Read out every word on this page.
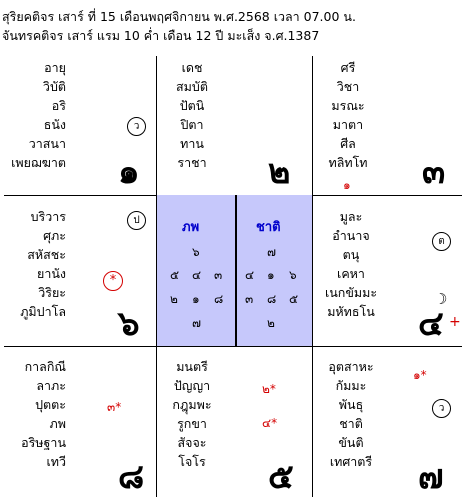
สุริยคติจร เสาร์ ที่ 15 เดือนพฤศจิกายน พ.ศ.2568 เวลา 07.00 น.
จันทรคติจร เสาร์ แรม 10 ค่ำ เดือน 12 ปี มะเส็ง จ.ศ.1387
ภพ	ชาติ
๖
๕ ๔ ๓
๒ ๑ ๘
๗
๗
๔ ๑ ๖
๓ ๘ ๕
๒
อายุ
วิบัติ
อริ
ธนัง
วาสนา
เพยฌฆาต
ว
๑
เดช
สมบัติ
ปัตนิ
ปิตา
ทาน
ราชา	๒
ศรี
วิชา
มรณะ
มาตา
ศีล
ทลิทโท
๑ ๓
บริวาร
ศุภะ
สหัสชะ
ยานัง
วิริยะ
ภูมิปาโล
ป
*
๖
มูละ
อำนาจ
ตนุ
เคหา
เนกขัมมะ
มหัทธโน
ต
☽
๔ +
กาลกิณี
ลาภะ
ปุตตะ
ภพ
อริษฐาน
เทวี
๓*
๘
มนตรี
ปัญญา
กฎุมพะ
รูกขา
สัจจะ
โจโร
๒*
๔*
๕
อุตสาหะ
กัมมะ
พันธุ
ชาติ
ขันติ
เทศาตรี
๑*
ว
๗
